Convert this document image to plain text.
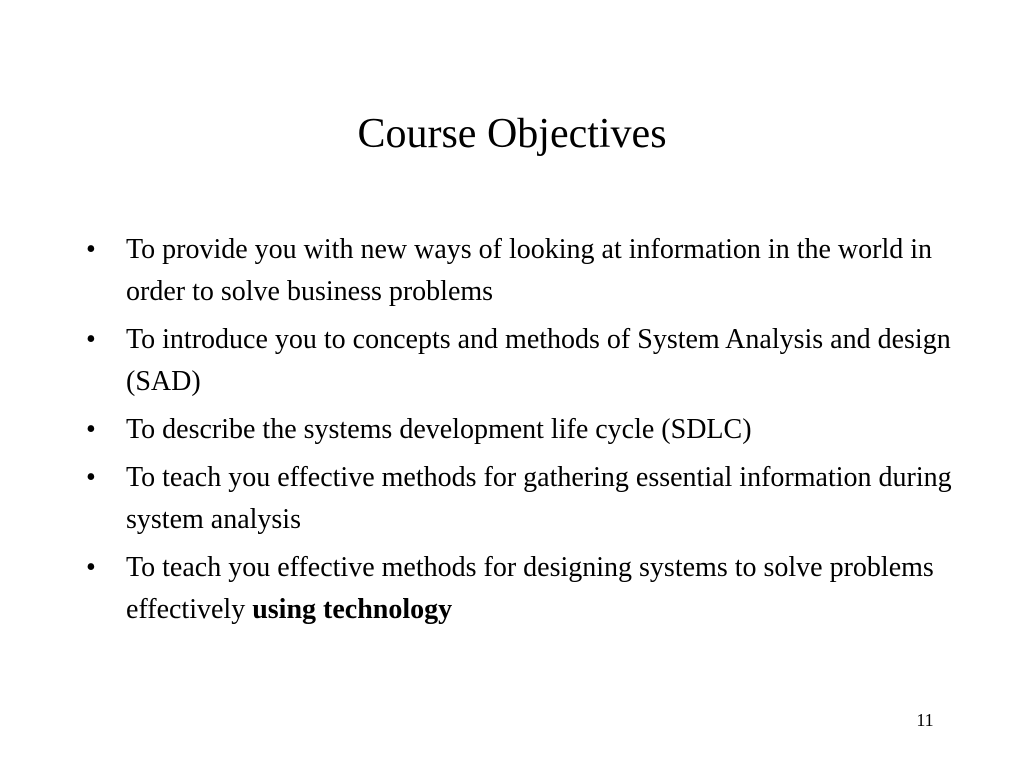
Course Objectives
•	To provide you with new ways of looking at information in the world in order to solve business problems
•	To introduce you to concepts and methods of System Analysis and design (SAD)
•	To describe the systems development life cycle (SDLC)
•	To teach you effective methods for gathering essential information during system analysis
•	To teach you effective methods for designing systems to solve problems effectively using technology
11
